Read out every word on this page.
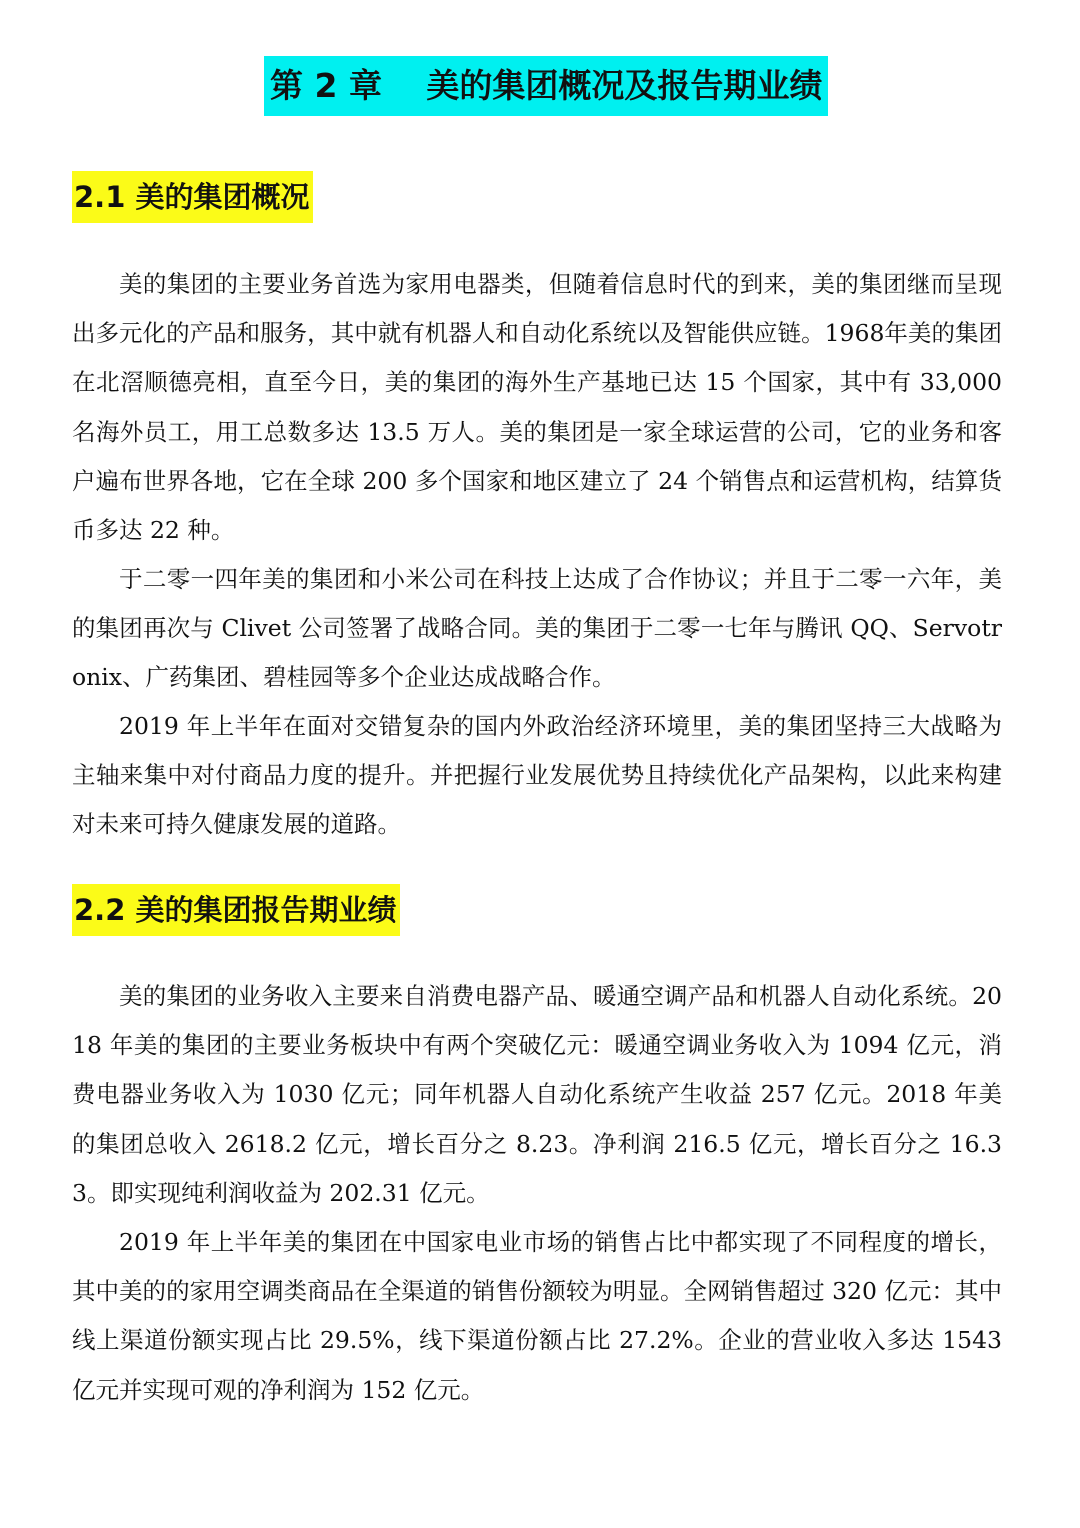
第 2 章　 美的集团概况及报告期业绩
2.1 美的集团概况

美的集团的主要业务首选为家用电器类，但随着信息时代的到来，美的集团继而呈现出多元化的产品和服务，其中就有机器人和自动化系统以及智能供应链。1968年美的集团在北滘顺德亮相，直至今日，美的集团的海外生产基地已达 15 个国家，其中有 33,000 名海外员工，用工总数多达 13.5 万人。美的集团是一家全球运营的公司，它的业务和客户遍布世界各地，它在全球 200 多个国家和地区建立了 24 个销售点和运营机构，结算货币多达 22 种。

于二零一四年美的集团和小米公司在科技上达成了合作协议；并且于二零一六年，美的集团再次与 Clivet 公司签署了战略合同。美的集团于二零一七年与腾讯 QQ、Servotronix、广药集团、碧桂园等多个企业达成战略合作。

2019 年上半年在面对交错复杂的国内外政治经济环境里，美的集团坚持三大战略为主轴来集中对付商品力度的提升。并把握行业发展优势且持续优化产品架构，以此来构建对未来可持久健康发展的道路。

2.2 美的集团报告期业绩

美的集团的业务收入主要来自消费电器产品、暖通空调产品和机器人自动化系统。2018 年美的集团的主要业务板块中有两个突破亿元：暖通空调业务收入为 1094 亿元，消费电器业务收入为 1030 亿元；同年机器人自动化系统产生收益 257 亿元。2018 年美的集团总收入 2618.2 亿元，增长百分之 8.23。净利润 216.5 亿元，增长百分之 16.33。即实现纯利润收益为 202.31 亿元。

2019 年上半年美的集团在中国家电业市场的销售占比中都实现了不同程度的增长，其中美的的家用空调类商品在全渠道的销售份额较为明显。全网销售超过 320 亿元：其中线上渠道份额实现占比 29.5%，线下渠道份额占比 27.2%。企业的营业收入多达 1543 亿元并实现可观的净利润为 152 亿元。
